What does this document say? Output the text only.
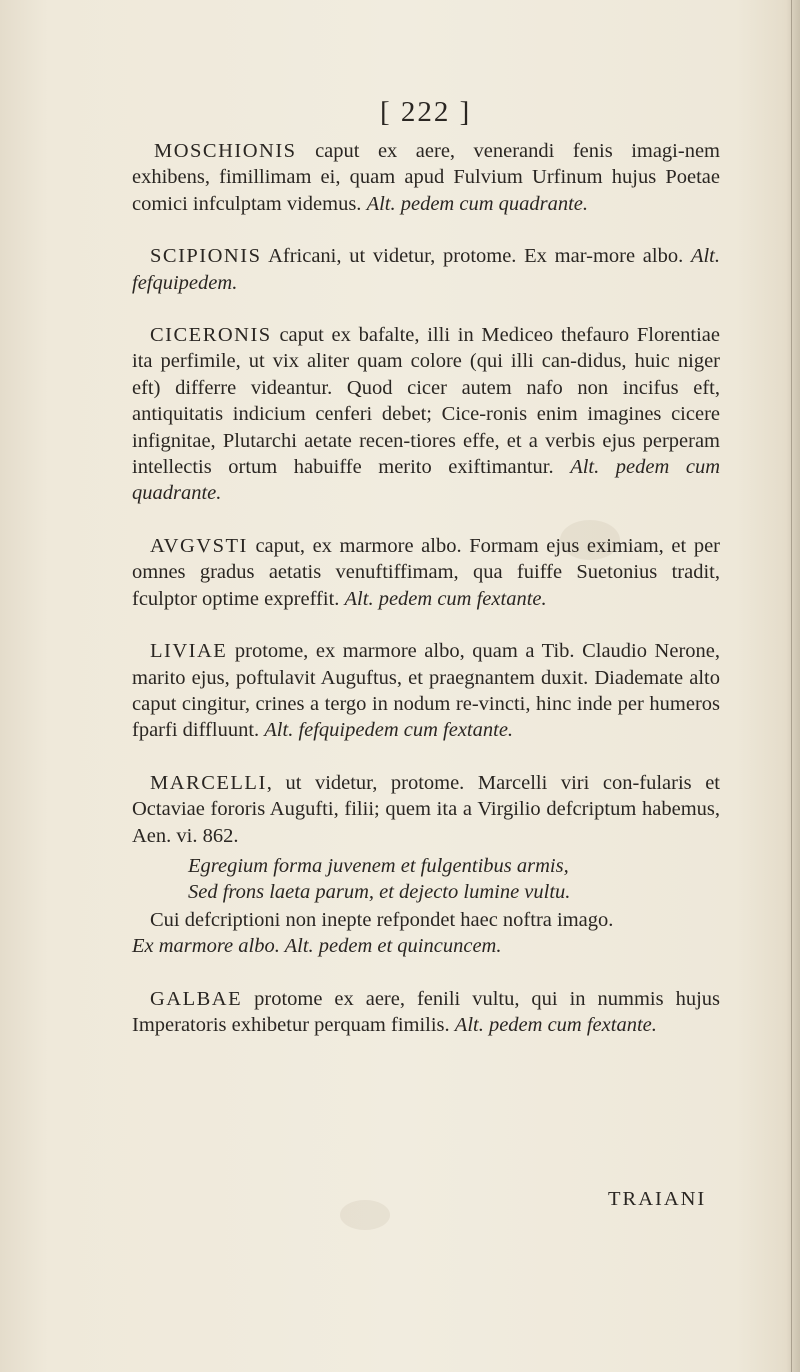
[ 222 ]

MOSCHIONIS caput ex aere, venerandi fenis imagi-nem exhibens, fimillimam ei, quam apud Fulvium Urfinum hujus Poetae comici infculptam videmus. Alt. pedem cum quadrante.

SCIPIONIS Africani, ut videtur, protome. Ex mar-more albo. Alt. fefquipedem.

CICERONIS caput ex bafalte, illi in Mediceo thefauro Florentiae ita perfimile, ut vix aliter quam colore (qui illi can-didus, huic niger eft) differre videantur. Quod cicer autem nafo non incifus eft, antiquitatis indicium cenferi debet; Cice-ronis enim imagines cicere infignitae, Plutarchi aetate recen-tiores effe, et a verbis ejus perperam intellectis ortum habuiffe merito exiftimantur. Alt. pedem cum quadrante.

AVGVSTI caput, ex marmore albo. Formam ejus eximiam, et per omnes gradus aetatis venuftiffimam, qua fuiffe Suetonius tradit, fculptor optime expreffit. Alt. pedem cum fextante.

LIVIAE protome, ex marmore albo, quam a Tib. Claudio Nerone, marito ejus, poftulavit Auguftus, et praegnantem duxit. Diademate alto caput cingitur, crines a tergo in nodum re-vincti, hinc inde per humeros fparfi diffluunt. Alt. fefquipedem cum fextante.

MARCELLI, ut videtur, protome. Marcelli viri con-fularis et Octaviae fororis Augufti, filii; quem ita a Virgilio defcriptum habemus, Aen. vi. 862.
Egregium forma juvenem et fulgentibus armis,
Sed frons laeta parum, et dejecto lumine vultu.
Cui defcriptioni non inepte refpondet haec noftra imago.
Ex marmore albo. Alt. pedem et quincuncem.

GALBAE protome ex aere, fenili vultu, qui in nummis hujus Imperatoris exhibetur perquam fimilis. Alt. pedem cum fextante.

TRAIANI
